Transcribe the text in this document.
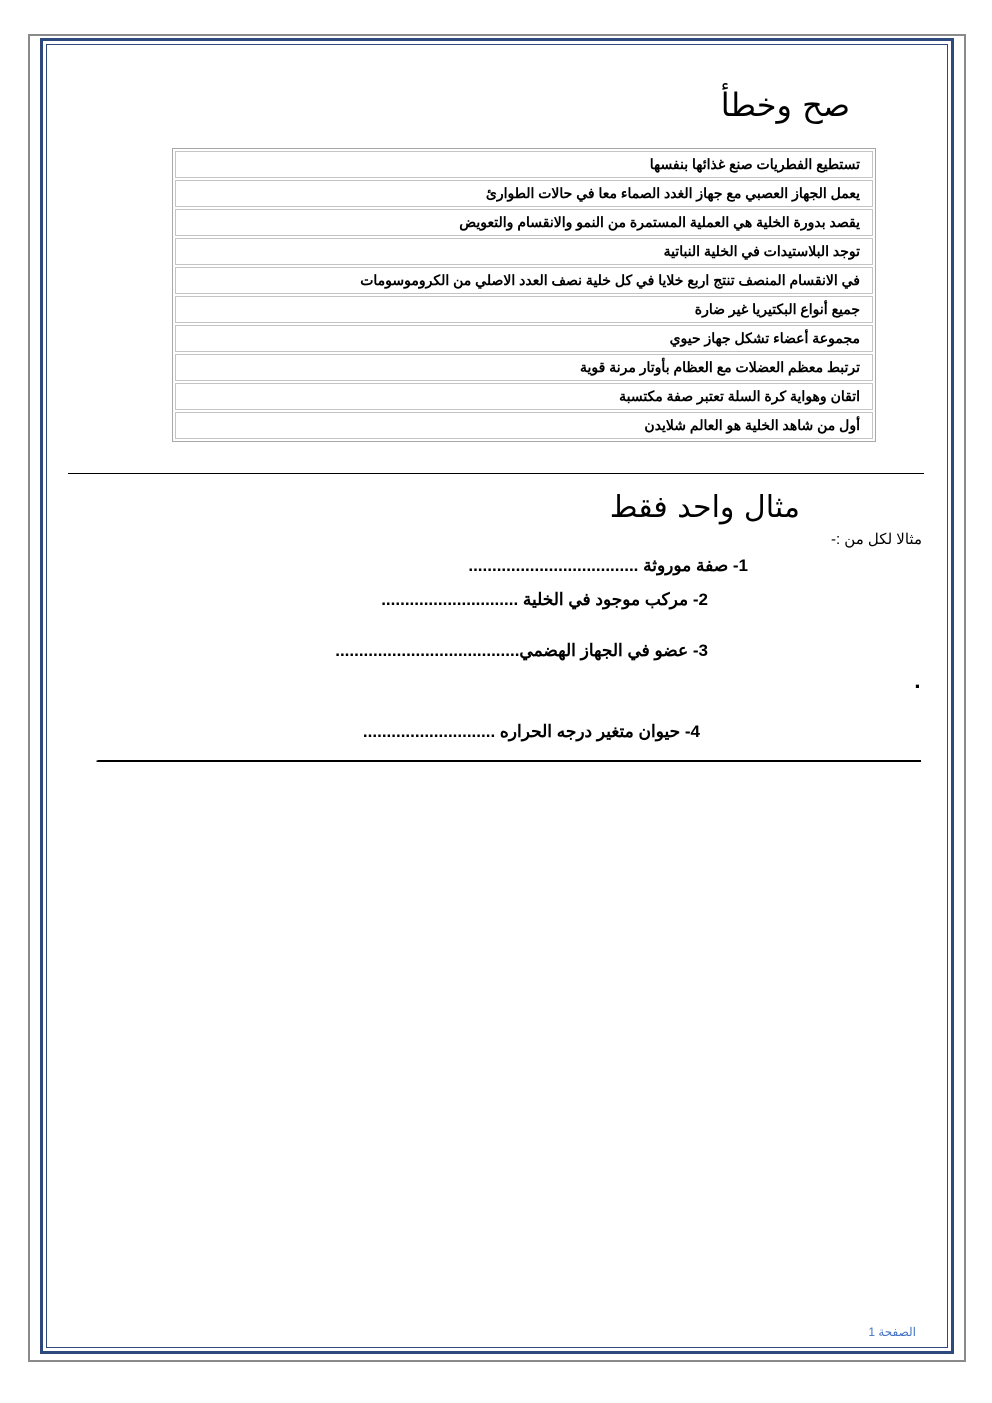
صح وخطأ
تستطيع الفطريات صنع غذائها بنفسها
يعمل الجهاز العصبي مع جهاز الغدد الصماء معا في حالات الطوارئ
يقصد بدورة الخلية هي العملية المستمرة من النمو والانقسام والتعويض
توجد البلاستيدات في الخلية النباتية
في الانقسام المنصف تنتج اربع خلايا في كل خلية نصف العدد الاصلي من الكروموسومات
جميع أنواع البكتيريا غير ضارة
مجموعة أعضاء تشكل جهاز حيوي
ترتبط معظم العضلات مع العظام بأوتار مرنة قوية
اتقان وهواية كرة السلة تعتبر صفة مكتسبة
أول من شاهد الخلية هو العالم شلايدن
مثال واحد فقط
مثالا لكل من :-
1- صفة موروثة ....................................
2- مركب موجود في الخلية .............................
3- عضو في الجهاز الهضمي.......................................
.
4- حيوان متغير درجه الحراره ............................
-
الصفحة 1
